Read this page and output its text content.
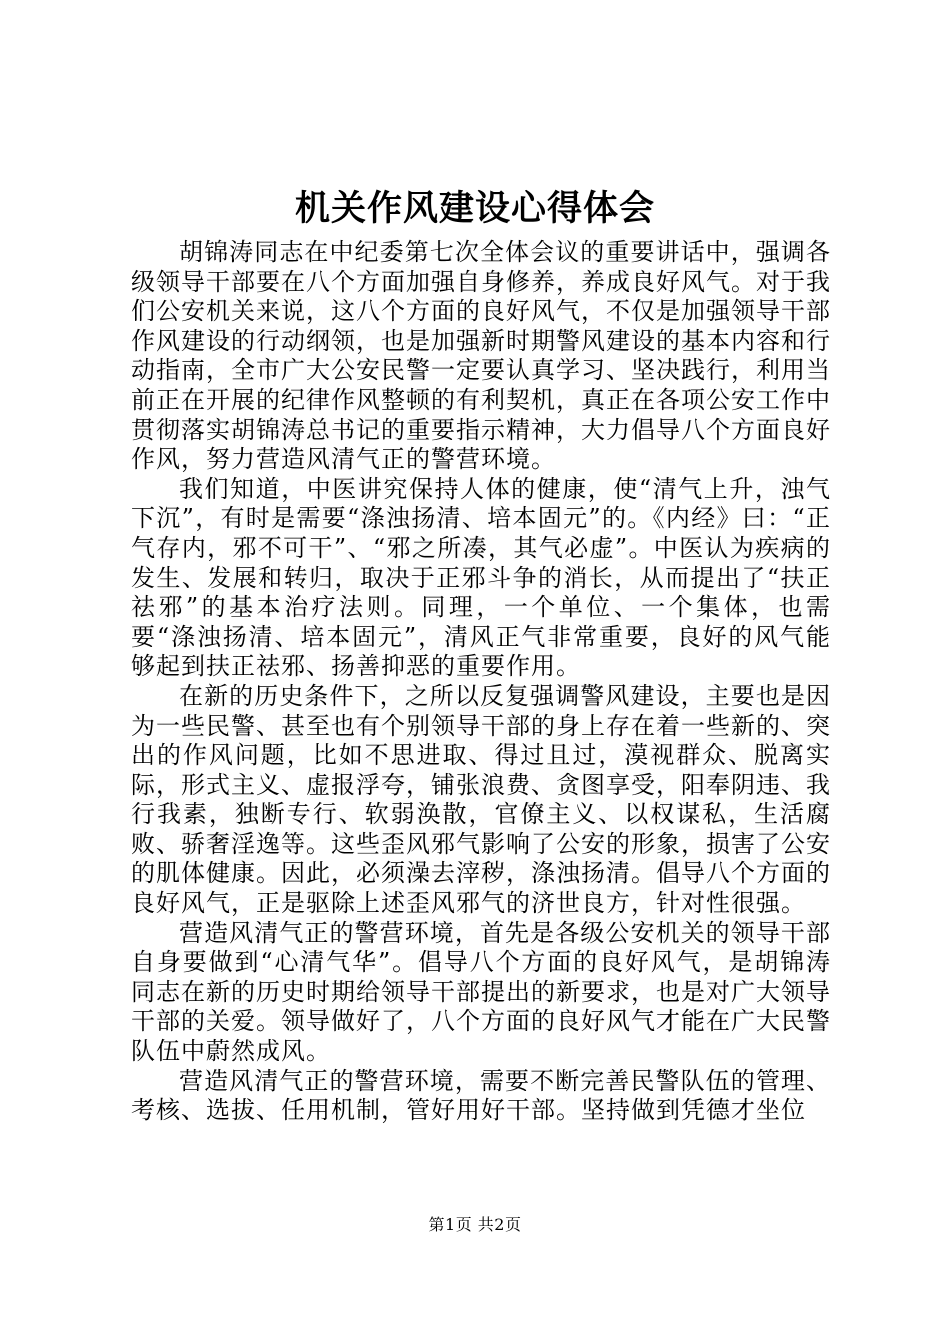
机关作风建设心得体会

胡锦涛同志在中纪委第七次全体会议的重要讲话中，强调各级领导干部要在八个方面加强自身修养，养成良好风气。对于我们公安机关来说，这八个方面的良好风气，不仅是加强领导干部作风建设的行动纲领，也是加强新时期警风建设的基本内容和行动指南，全市广大公安民警一定要认真学习、坚决践行，利用当前正在开展的纪律作风整顿的有利契机，真正在各项公安工作中贯彻落实胡锦涛总书记的重要指示精神，大力倡导八个方面良好作风，努力营造风清气正的警营环境。

我们知道，中医讲究保持人体的健康，使“清气上升，浊气下沉”，有时是需要“涤浊扬清、培本固元”的。《内经》曰：“正气存内，邪不可干”、“邪之所凑，其气必虚”。中医认为疾病的发生、发展和转归，取决于正邪斗争的消长，从而提出了“扶正祛邪”的基本治疗法则。同理，一个单位、一个集体，也需要“涤浊扬清、培本固元”，清风正气非常重要，良好的风气能够起到扶正祛邪、扬善抑恶的重要作用。

在新的历史条件下，之所以反复强调警风建设，主要也是因为一些民警、甚至也有个别领导干部的身上存在着一些新的、突出的作风问题，比如不思进取、得过且过，漠视群众、脱离实际，形式主义、虚报浮夸，铺张浪费、贪图享受，阳奉阴违、我行我素，独断专行、软弱涣散，官僚主义、以权谋私，生活腐败、骄奢淫逸等。这些歪风邪气影响了公安的形象，损害了公安的肌体健康。因此，必须澡去滓秽，涤浊扬清。倡导八个方面的良好风气，正是驱除上述歪风邪气的济世良方，针对性很强。

营造风清气正的警营环境，首先是各级公安机关的领导干部自身要做到“心清气华”。倡导八个方面的良好风气，是胡锦涛同志在新的历史时期给领导干部提出的新要求，也是对广大领导干部的关爱。领导做好了，八个方面的良好风气才能在广大民警队伍中蔚然成风。

营造风清气正的警营环境，需要不断完善民警队伍的管理、考核、选拔、任用机制，管好用好干部。坚持做到凭德才坐位

第1页 共2页
